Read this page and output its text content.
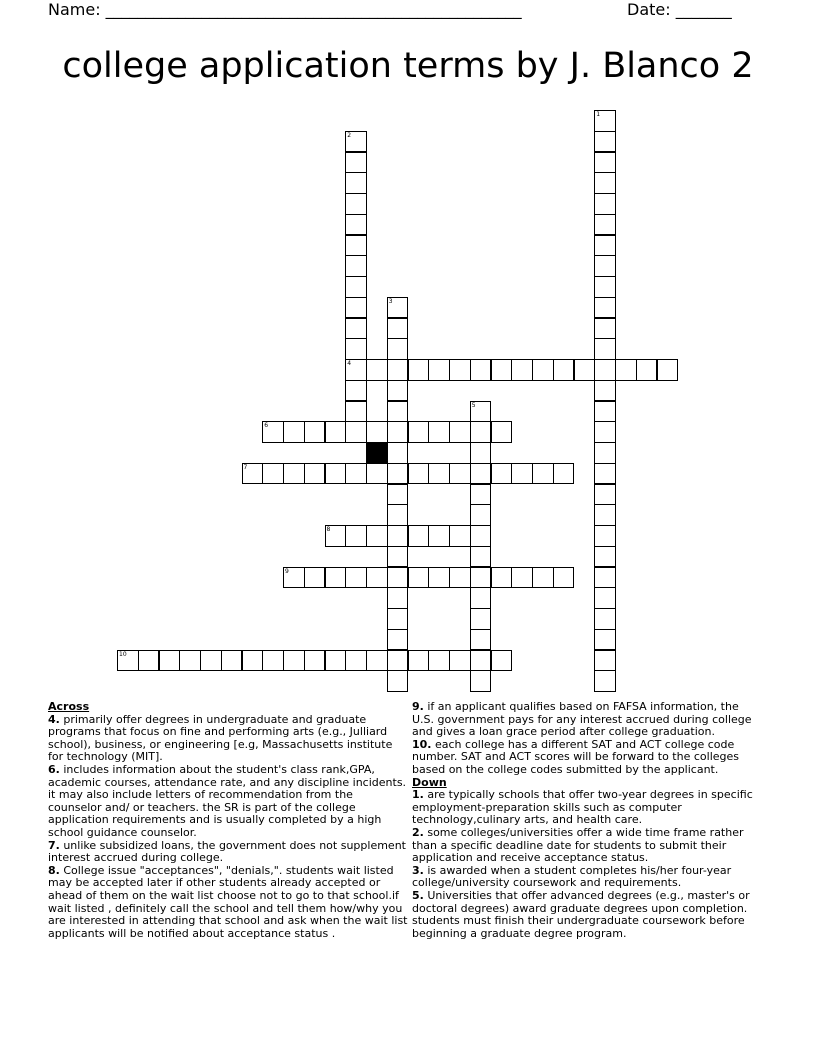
Name: ____________________________________________________	Date: _______
college application terms by J. Blanco 2
1
2
4
3
5
6
7
8
9
10
Across
4. primarily offer degrees in undergraduate and graduate programs that focus on fine and performing arts (e.g., Julliard school), business, or engineering [e.g, Massachusetts institute for technology (MIT].
6. includes information about the student's class rank,GPA, academic courses, attendance rate, and any discipline incidents. it may also include letters of recommendation from the counselor and/ or teachers. the SR is part of the college application requirements and is usually completed by a high school guidance counselor.
7. unlike subsidized loans, the government does not supplement interest accrued during college.
8. College issue "acceptances", "denials,". students wait listed may be accepted later if other students already accepted or ahead of them on the wait list choose not to go to that school.if wait listed , definitely call the school and tell them how/why you are interested in attending that school and ask when the wait list applicants will be notified about acceptance status .
9. if an applicant qualifies based on FAFSA information, the U.S. government pays for any interest accrued during college and gives a loan grace period after college graduation.
10. each college has a different SAT and ACT college code number. SAT and ACT scores will be forward to the colleges based on the college codes submitted by the applicant.
Down
1. are typically schools that offer two-year degrees in specific employment-preparation skills such as computer technology,culinary arts, and health care.
2. some colleges/universities offer a wide time frame rather than a specific deadline date for students to submit their application and receive acceptance status.
3. is awarded when a student completes his/her four-year college/university coursework and requirements.
5. Universities that offer advanced degrees (e.g., master's or doctoral degrees) award graduate degrees upon completion. students must finish their undergraduate coursework before beginning a graduate degree program.
